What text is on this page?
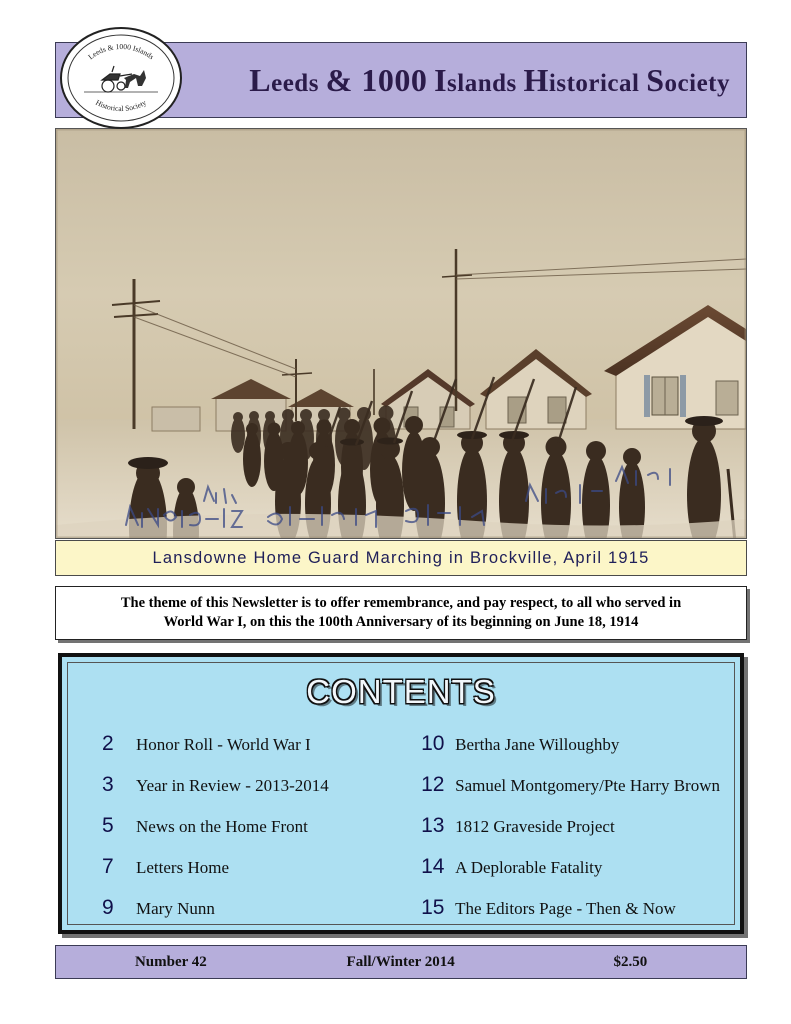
Leeds & 1000 Islands Historical Society
Leeds & 1000 Islands
Historical Society
Lansdowne Home Guard Marching in Brockville, April 1915
The theme of this Newsletter is to offer remembrance, and pay respect, to all who served in
World War I, on this the 100th Anniversary of its beginning on June 18, 1914
CONTENTS
2	Honor Roll - World War I
3	Year in Review - 2013-2014
5	News on the Home Front
7	Letters Home
9	Mary Nunn
10 Bertha Jane Willoughby
12 Samuel Montgomery/Pte Harry Brown
13 1812 Graveside Project
14 A Deplorable Fatality
15 The Editors Page - Then & Now
Number 42	Fall/Winter 2014	$2.50
